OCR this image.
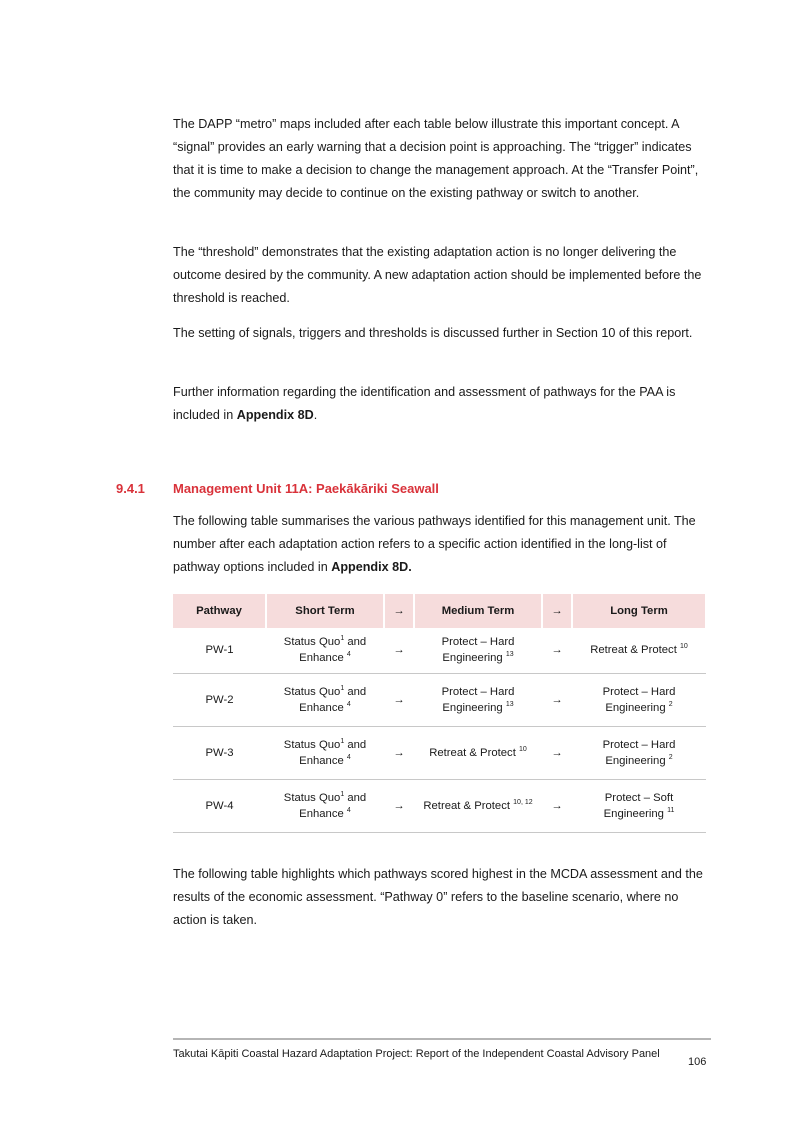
The DAPP “metro” maps included after each table below illustrate this important concept. A “signal” provides an early warning that a decision point is approaching. The “trigger” indicates that it is time to make a decision to change the management approach. At the “Transfer Point”, the community may decide to continue on the existing pathway or switch to another.

The “threshold” demonstrates that the existing adaptation action is no longer delivering the outcome desired by the community. A new adaptation action should be implemented before the threshold is reached.

The setting of signals, triggers and thresholds is discussed further in Section 10 of this report.

Further information regarding the identification and assessment of pathways for the PAA is included in Appendix 8D.

9.4.1 Management Unit 11A: Paekākāriki Seawall

The following table summarises the various pathways identified for this management unit. The number after each adaptation action refers to a specific action identified in the long-list of pathway options included in Appendix 8D.

Pathway	Short Term	→	Medium Term	→	Long Term
PW-1	Status Quo$^1$ and
Enhance $^4$	→	Protect – Hard
Engineering $^{13}$	→	Retreat & Protect $^{10}$
PW-2	Status Quo$^1$ and
Enhance $^4$	→	Protect – Hard
Engineering $^{13}$	→	Protect – Hard
Engineering $^2$
PW-3	Status Quo$^1$ and
Enhance $^4$	→	Retreat & Protect $^{10}$	→	Protect – Hard
Engineering $^2$
PW-4	Status Quo$^1$ and
Enhance $^4$	→	Retreat & Protect $^{10, 12}$	→	Protect – Soft
Engineering $^{11}$

The following table highlights which pathways scored highest in the MCDA assessment and the results of the economic assessment. “Pathway 0” refers to the baseline scenario, where no action is taken.

Takutai Kāpiti Coastal Hazard Adaptation Project: Report of the Independent Coastal Advisory Panel
106
